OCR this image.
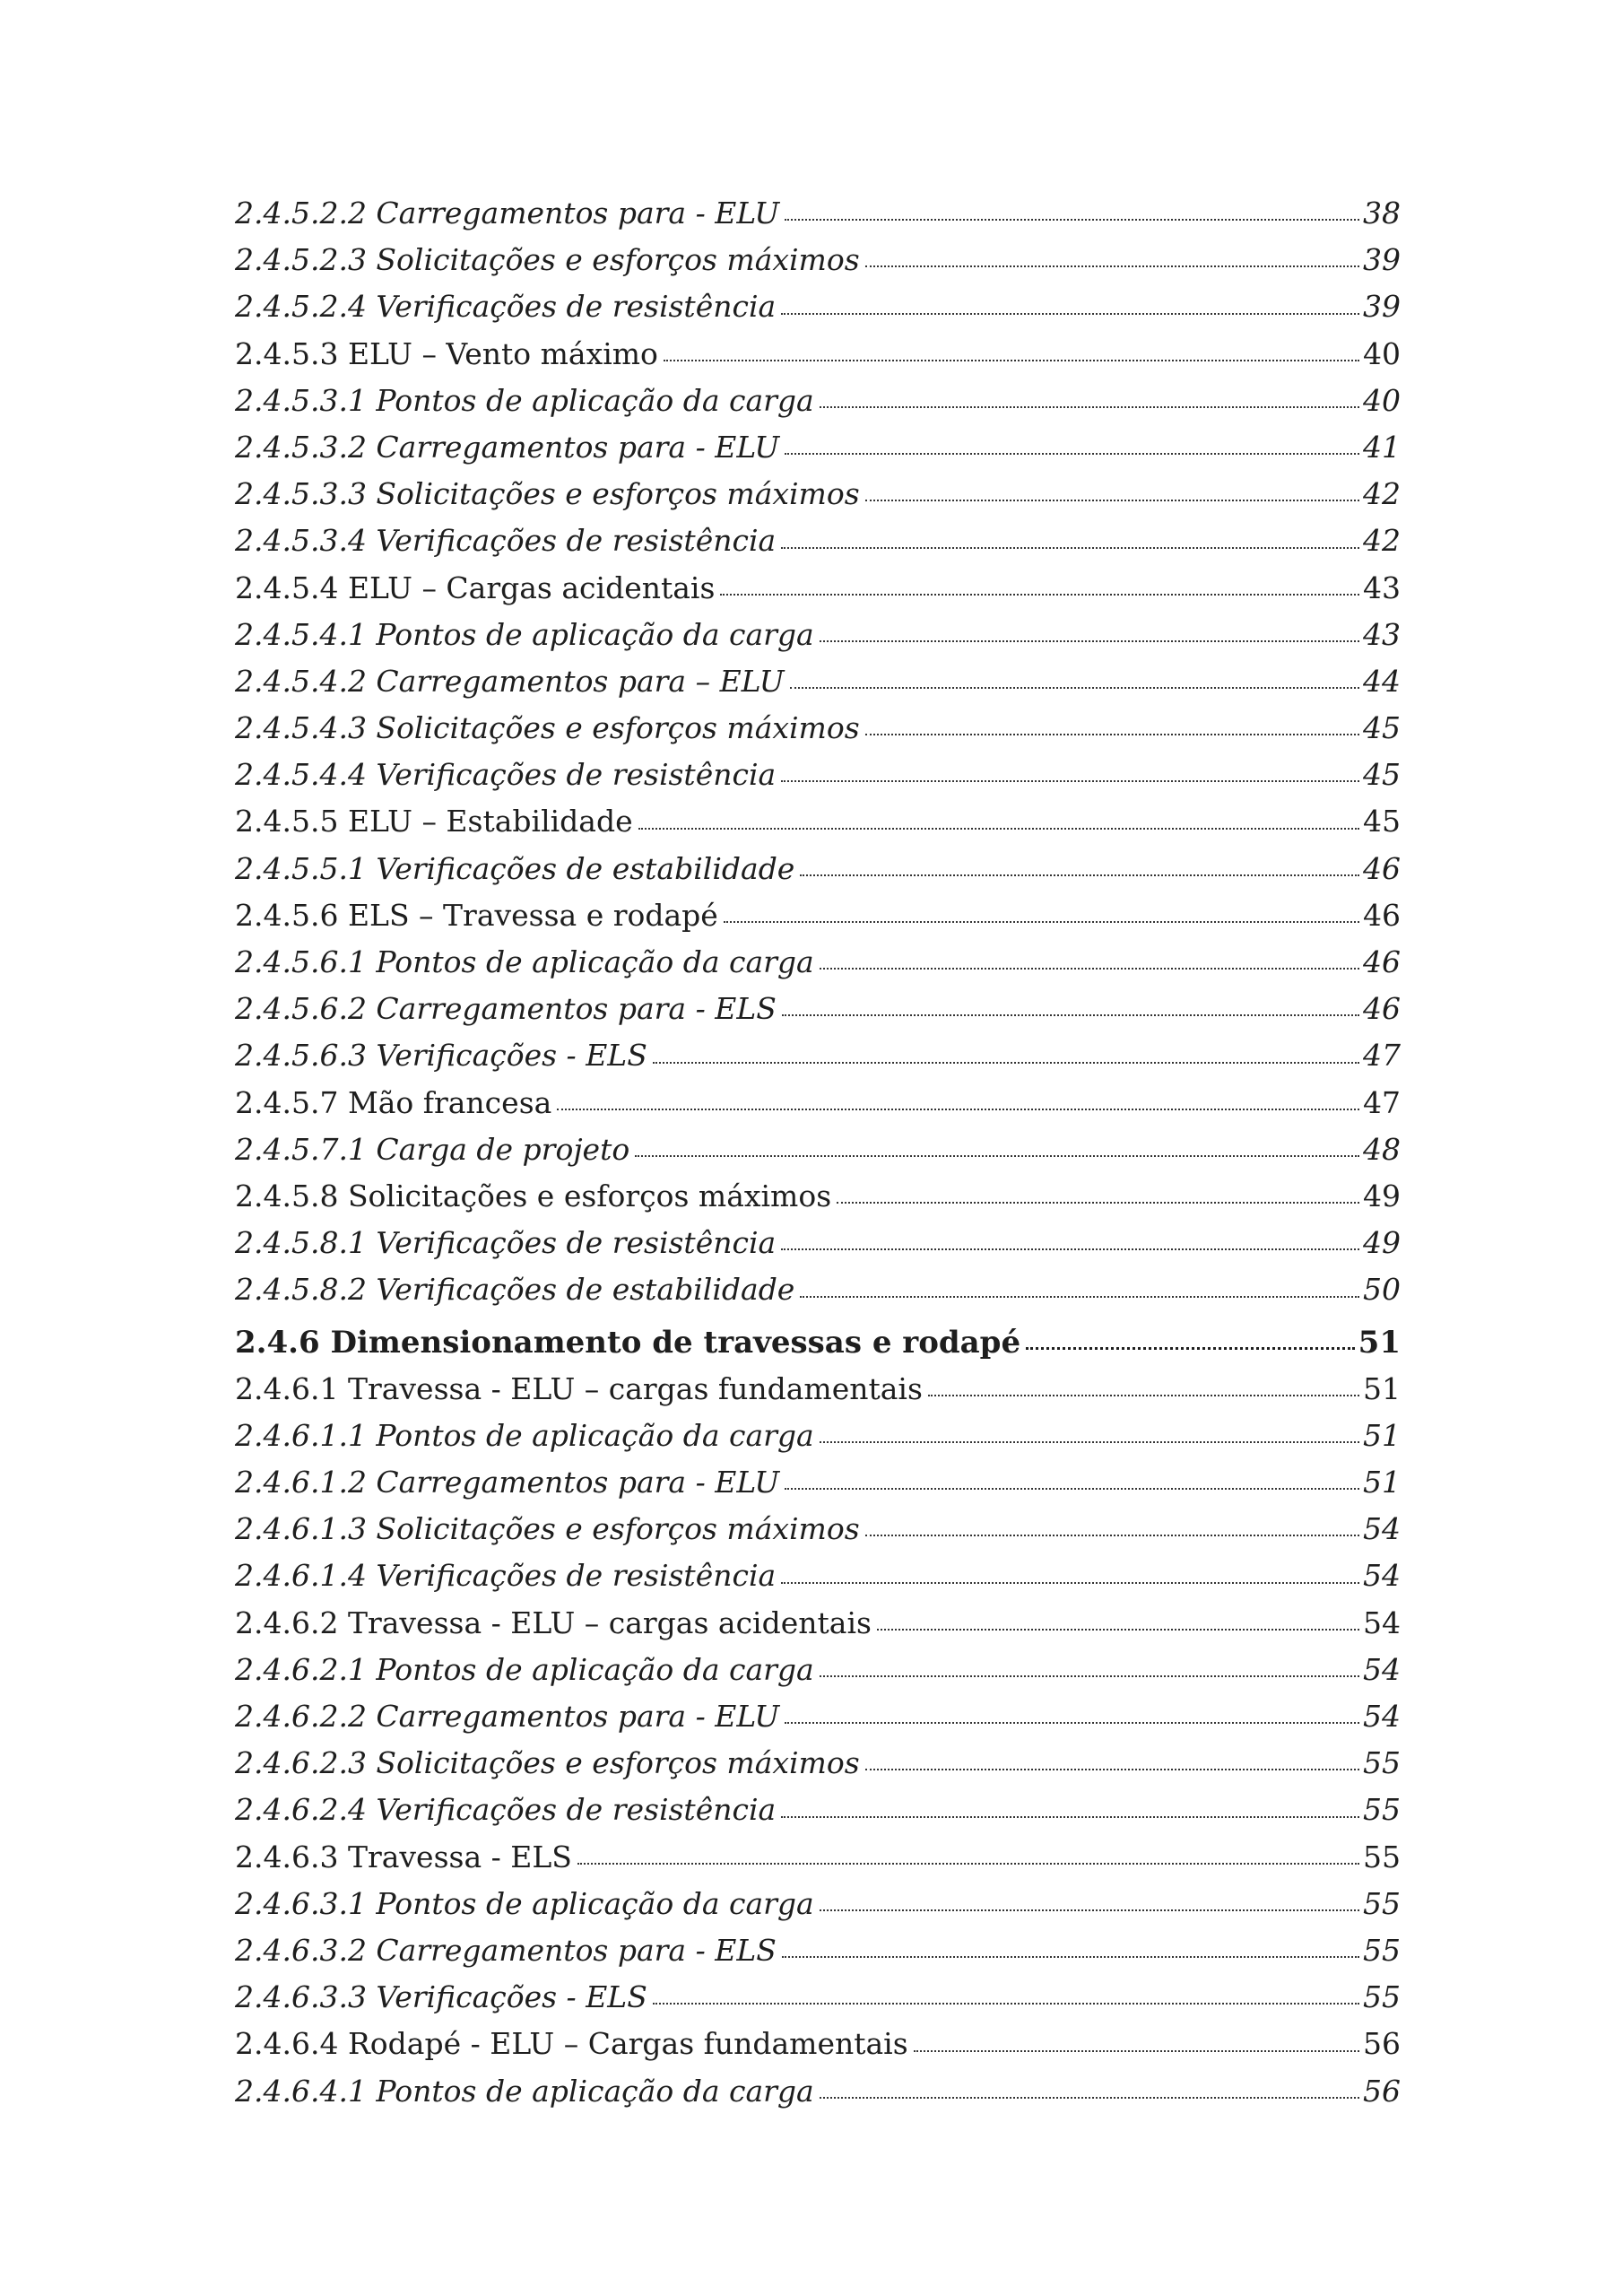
2.4.5.2.2 Carregamentos para - ELU	38
2.4.5.2.3 Solicitações e esforços máximos	39
2.4.5.2.4 Verificações de resistência	39
2.4.5.3 ELU – Vento máximo	40
2.4.5.3.1 Pontos de aplicação da carga	40
2.4.5.3.2 Carregamentos para - ELU	41
2.4.5.3.3 Solicitações e esforços máximos	42
2.4.5.3.4 Verificações de resistência	42
2.4.5.4 ELU – Cargas acidentais	43
2.4.5.4.1 Pontos de aplicação da carga	43
2.4.5.4.2 Carregamentos para – ELU	44
2.4.5.4.3 Solicitações e esforços máximos	45
2.4.5.4.4 Verificações de resistência	45
2.4.5.5 ELU – Estabilidade	45
2.4.5.5.1 Verificações de estabilidade	46
2.4.5.6 ELS – Travessa e rodapé	46
2.4.5.6.1 Pontos de aplicação da carga	46
2.4.5.6.2 Carregamentos para - ELS	46
2.4.5.6.3 Verificações - ELS	47
2.4.5.7 Mão francesa	47
2.4.5.7.1 Carga de projeto	48
2.4.5.8 Solicitações e esforços máximos	49
2.4.5.8.1 Verificações de resistência	49
2.4.5.8.2 Verificações de estabilidade	50
2.4.6 Dimensionamento de travessas e rodapé	51
2.4.6.1 Travessa - ELU – cargas fundamentais	51
2.4.6.1.1 Pontos de aplicação da carga	51
2.4.6.1.2 Carregamentos para - ELU	51
2.4.6.1.3 Solicitações e esforços máximos	54
2.4.6.1.4 Verificações de resistência	54
2.4.6.2 Travessa - ELU – cargas acidentais	54
2.4.6.2.1 Pontos de aplicação da carga	54
2.4.6.2.2 Carregamentos para - ELU	54
2.4.6.2.3 Solicitações e esforços máximos	55
2.4.6.2.4 Verificações de resistência	55
2.4.6.3 Travessa - ELS	55
2.4.6.3.1 Pontos de aplicação da carga	55
2.4.6.3.2 Carregamentos para - ELS	55
2.4.6.3.3 Verificações - ELS	55
2.4.6.4 Rodapé - ELU – Cargas fundamentais	56
2.4.6.4.1 Pontos de aplicação da carga	56
